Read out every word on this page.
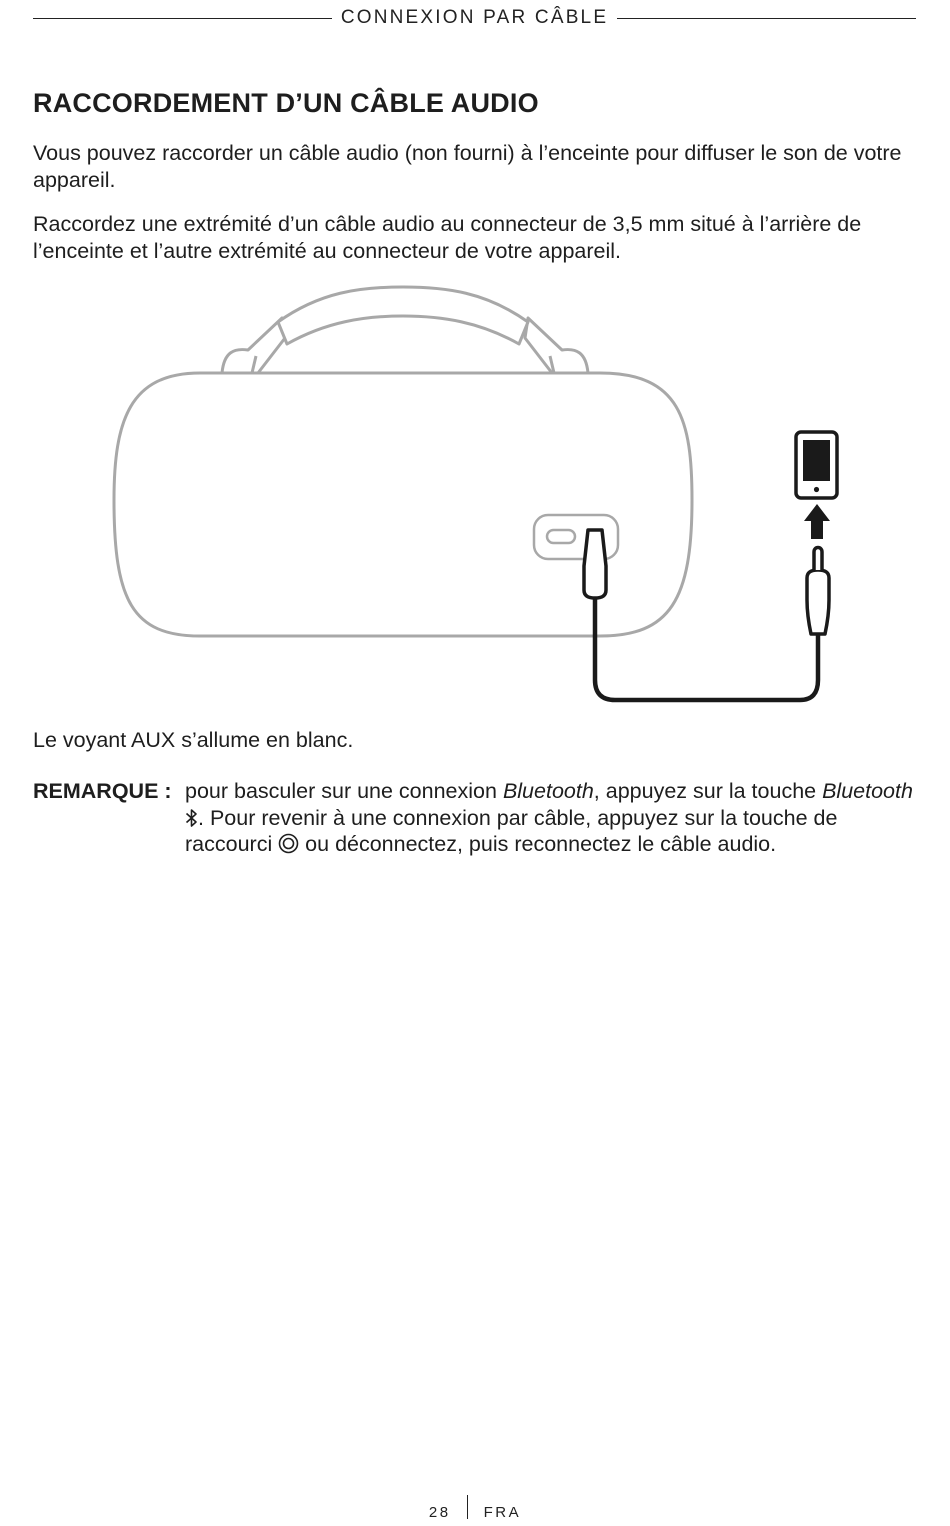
CONNEXION PAR CÂBLE
RACCORDEMENT D’UN CÂBLE AUDIO

Vous pouvez raccorder un câble audio (non fourni) à l’enceinte pour diffuser le son de votre appareil.

Raccordez une extrémité d’un câble audio au connecteur de 3,5 mm situé à l’arrière de l’enceinte et l’autre extrémité au connecteur de votre appareil.

Le voyant AUX s’allume en blanc.

REMARQUE : pour basculer sur une connexion Bluetooth, appuyez sur la touche Bluetooth . Pour revenir à une connexion par câble, appuyez sur la touche de raccourci  ou déconnectez, puis reconnectez le câble audio.
28 FRA
